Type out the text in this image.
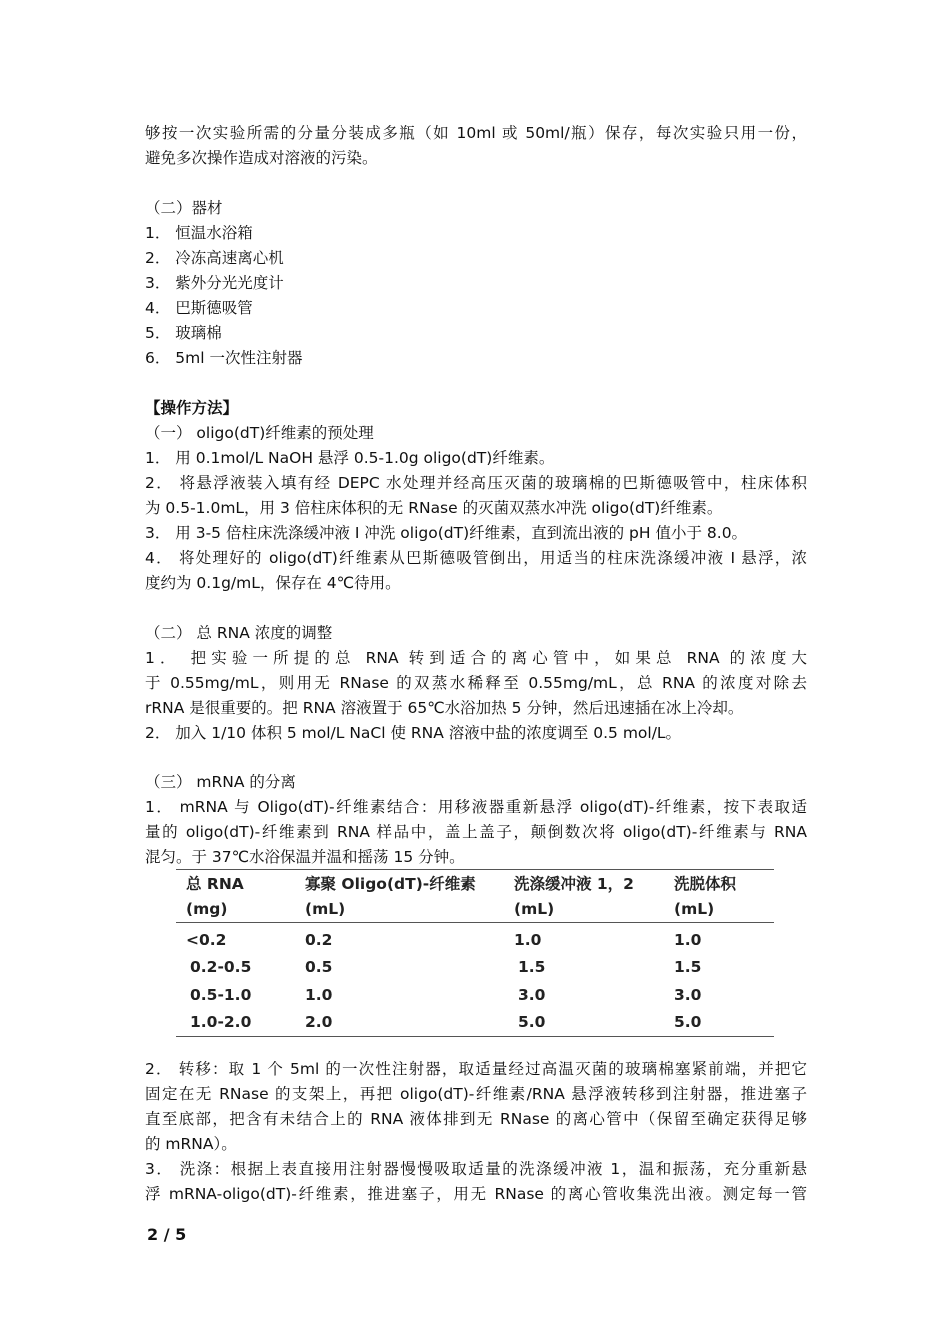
够按一次实验所需的分量分装成多瓶（如 10ml 或 50ml/瓶）保存，每次实验只用一份，
避免多次操作造成对溶液的污染。
（二）器材
1． 恒温水浴箱
2． 冷冻高速离心机
3． 紫外分光光度计
4． 巴斯德吸管
5． 玻璃棉
6． 5ml 一次性注射器
【操作方法】
（一） oligo(dT)纤维素的预处理
1． 用 0.1mol/L NaOH 悬浮 0.5-1.0g oligo(dT)纤维素。
2． 将悬浮液装入填有经 DEPC 水处理并经高压灭菌的玻璃棉的巴斯德吸管中，柱床体积
为 0.5-1.0mL，用 3 倍柱床体积的无 RNase 的灭菌双蒸水冲洗 oligo(dT)纤维素。
3． 用 3-5 倍柱床洗涤缓冲液 I 冲洗 oligo(dT)纤维素，直到流出液的 pH 值小于 8.0。
4． 将处理好的 oligo(dT)纤维素从巴斯德吸管倒出，用适当的柱床洗涤缓冲液 I 悬浮，浓
度约为 0.1g/mL，保存在 4℃待用。
（二） 总 RNA 浓度的调整
1． 把实验一所提的总 RNA 转到适合的离心管中，如果总 RNA 的浓度大
于 0.55mg/mL，则用无 RNase 的双蒸水稀释至 0.55mg/mL，总 RNA 的浓度对除去
rRNA 是很重要的。把 RNA 溶液置于 65℃水浴加热 5 分钟，然后迅速插在冰上冷却。
2． 加入 1/10 体积 5 mol/L NaCl 使 RNA 溶液中盐的浓度调至 0.5 mol/L。
（三） mRNA 的分离
1． mRNA 与 Oligo(dT)-纤维素结合：用移液器重新悬浮 oligo(dT)-纤维素，按下表取适
量的 oligo(dT)-纤维素到 RNA 样品中，盖上盖子，颠倒数次将 oligo(dT)-纤维素与 RNA
混匀。于 37℃水浴保温并温和摇荡 15 分钟。
总 RNA	寡聚 Oligo(dT)-纤维素	洗涤缓冲液 1，2	洗脱体积
(mg)	(mL)	(mL)	(mL)
<0.2	0.2	1.0	1.0
0.2-0.5	0.5	1.5	1.5
0.5-1.0	1.0	3.0	3.0
1.0-2.0	2.0	5.0	5.0
2． 转移：取 1 个 5ml 的一次性注射器，取适量经过高温灭菌的玻璃棉塞紧前端，并把它
固定在无 RNase 的支架上，再把 oligo(dT)-纤维素/RNA 悬浮液转移到注射器，推进塞子
直至底部，把含有未结合上的 RNA 液体排到无 RNase 的离心管中（保留至确定获得足够
的 mRNA）。
3． 洗涤：根据上表直接用注射器慢慢吸取适量的洗涤缓冲液 1，温和振荡，充分重新悬
浮 mRNA-oligo(dT)-纤维素，推进塞子，用无 RNase 的离心管收集洗出液。测定每一管
2 / 5
